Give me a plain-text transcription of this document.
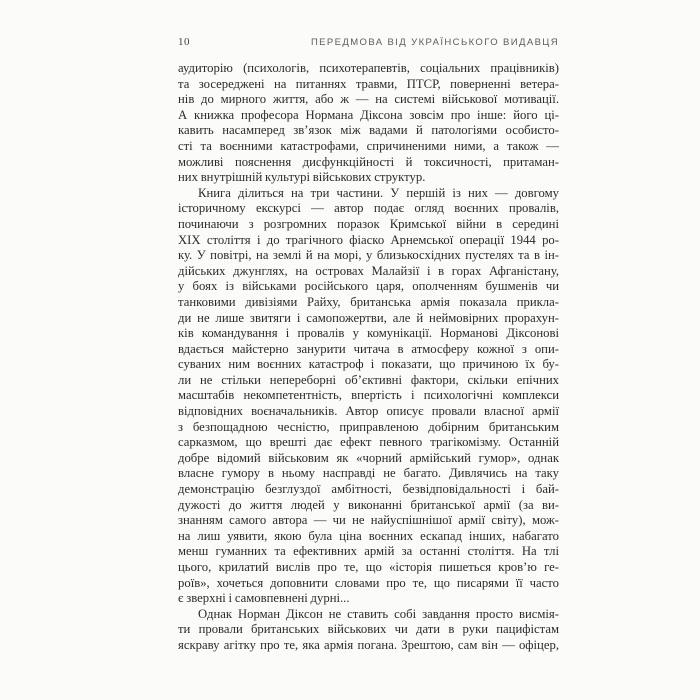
10	ПЕРЕДМОВА ВІД УКРАЇНСЬКОГО ВИДАВЦЯ
аудиторію (психологів, психотерапевтів, соціальних працівників)
та зосереджені на питаннях травми, ПТСР, поверненні ветера-
нів до мирного життя, або ж — на системі військової мотивації.
А книжка професора Нормана Діксона зовсім про інше: його ці-
кавить насамперед зв’язок між вадами й патологіями особисто-
сті та воєнними катастрофами, спричиненими ними, а також —
можливі пояснення дисфункційності й токсичності, притаман-
них внутрішній культурі військових структур.
Книга ділиться на три частини. У першій із них — довгому
історичному екскурсі — автор подає огляд воєнних провалів,
починаючи з розгромних поразок Кримської війни в середині
XIX століття і до трагічного фіаско Арнемської операції 1944 ро-
ку. У повітрі, на землі й на морі, у близькосхідних пустелях та в ін-
дійських джунглях, на островах Малайзії і в горах Афганістану,
у боях із військами російського царя, ополченням бушменів чи
танковими дивізіями Райху, британська армія показала прикла-
ди не лише звитяги і самопожертви, але й неймовірних прорахун-
ків командування і провалів у комунікації. Норманові Діксонові
вдається майстерно занурити читача в атмосферу кожної з опи-
суваних ним воєнних катастроф і показати, що причиною їх бу-
ли не стільки непереборні об’єктивні фактори, скільки епічних
масштабів некомпетентність, впертість і психологічні комплекси
відповідних воєначальників. Автор описує провали власної армії
з безпощадною чесністю, приправленою добірним британським
сарказмом, що врешті дає ефект певного трагікомізму. Останній
добре відомий військовим як «чорний армійський гумор», однак
власне гумору в ньому насправді не багато. Дивлячись на таку
демонстрацію безглуздої амбітності, безвідповідальності і бай-
дужості до життя людей у виконанні британської армії (за ви-
знанням самого автора — чи не найуспішнішої армії світу), мож-
на лиш уявити, якою була ціна воєнних ескапад інших, набагато
менш гуманних та ефективних армій за останні століття. На тлі
цього, крилатий вислів про те, що «історія пишеться кров’ю ге-
роїв», хочеться доповнити словами про те, що писарями її часто
є зверхні і самовпевнені дурні...
Однак Норман Діксон не ставить собі завдання просто висмія-
ти провали британських військових чи дати в руки пацифістам
яскраву агітку про те, яка армія погана. Зрештою, сам він — офіцер,
